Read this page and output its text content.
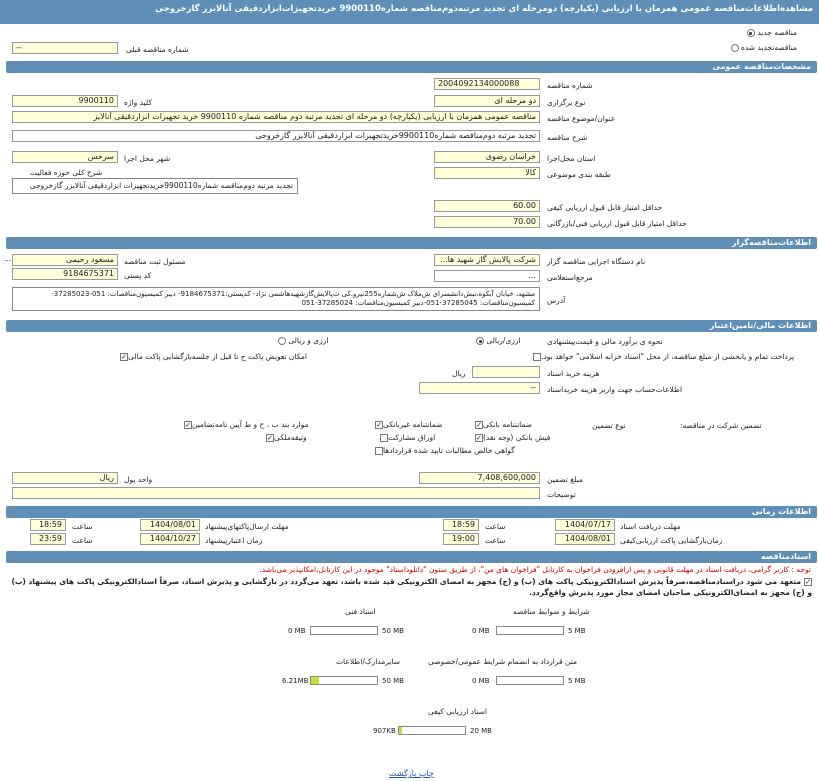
مشاهده‌اطلاعات‌مناقصه عمومی همزمان با ارزیابی (یکپارچه) دومرحله ای تجدید مرتبه‌دوم‌مناقصه شماره9900110 خریدتجهیزات‌ابزاردقیقی آنالایزر گاز‌خروجی
مناقصه جدید
مناقصه‌تجدید شده
شماره مناقصه قبلی
--
مشخصات‌مناقصه عمومی
2004092134000088	شماره مناقصه
دو مرحله ای	نوع برگزاری
9900110	کلید واژه
مناقصه عمومی همزمان با ارزیابی (یکپارچه) دو مرحله ای تجدید مرتبه دوم مناقصه شماره 9900110 خرید تجهیزات ابزاردقیقی آنالایز	عنوان/موضوع مناقصه
تجدید مرتبه دوم‌مناقصه شماره9900110خریدتجهیزات ابزاردقیقی آنالایزر گازخروجی	شرح مناقصه
خراسان رضوی	استان محل‌اجرا
سرخس	شهر محل اجرا
کالا	طبقه بندی موضوعی
شرح کلی حوزه فعالیت
تجدید مرتبه دوم‌مناقصه شماره9900110خریدتجهیزات ابزاردقیقی آنالایزر گازخروجی
60.00	حداقل امتیاز قابل قبول ارزیابی کیفی
70.00	حداقل امتیاز قابل قبول ارزیابی فنی/بازرگانی
اطلاعات‌مناقصه‌گزار
شرکت پالایش گاز شهید ها...	نام دستگاه اجرایی مناقصه گزار
مسعود رحیمی	مسئول ثبت مناقصه
...
...	مرجع‌استعلامی
9184675371	کد پستی
مشهد، خیابان آبکوه،نبش‌دانشسرای ش‌ملاک ش‌شماره255نیرو.کی ت‌پالایش‌گازشهیدهاشمی نژاد- کدپستی:9184675371- دبیر کمیسیون‌مناقصات: 051-37285023-کمیسیون‌مناقصات: 37285045-051-دبیر کمیسیون‌مناقصات: 37285024-051	آدرس
اطلاعات مالی/تامین‌اعتبار
نحوه ی برآورد مالی و قیمت‌پیشنهادی
ارزی/ریالی
ارزی و ریالی
پرداخت تمام و یابخشی از مبلغ مناقصه، از محل "اسناد خزانه اسلامی" خواهد بود.
امکان تعویض پاکت ج تا قبل از جلسه‌بازگشایی پاکت مالی✓
هزینه خرید اسناد
ریال
اطلاعات‌حساب جهت واریز هزینه خریداسناد
--
تضمین شرکت در مناقصه:
نوع تضمین
ضمانتنامه بانکی✓
ضمانتنامه غیربانکی✓
موارد بند ب ، ح و ط آیین نامه‌تضامین✓
فیش بانکی (وجه نقد)✓
اوراق مشارکت
وثیقه‌ملکی✓
گواهی خالص مطالبات تایید شده قراردادها
7,408,600,000	مبلغ تضمین
ریال	واحد پول
توضیحات
اطلاعات زمانی
1404/07/17	مهلت دریافت اسناد
18:59	ساعت
1404/08/01	مهلت ارسال‌پاکتهای‌پیشنهاد
18:59	ساعت
1404/08/01	زمان‌بازگشایی پاکت ارزیابی‌کیفی
19:00	ساعت
1404/10/27	زمان اعتبارپیشنهاد
23:59	ساعت
اسنادمناقصه
توجه : کاربر گرامی، دریافت اسناد در مهلت قانونی و پس ازافزودن فراخوان به کارتابل "فراخوان های من"، از طریق ستون "دانلوداسناد" موجود در این کارتابل،امکانپذیر می‌باشد.
✓متعهد می شود دراسنادمناقصه،صرفاً پذیرش اسنادالکترونیکی پاکت های (ب) و (ج) مجهز به امضای الکترونیکی قید شده باشد، تعهد می‌گردد در بازگشایی و پذیرش اسناد، صرفاً اسنادالکترونیکی پاکت های پیشنهاد (ب) و (ج) مجهز به امضای‌الکترونیکی صاحبان امضای مجاز مورد پذیرش واقع‌گردد.
شرایط و ضوابط مناقصه
0 MB	5 MB
اسناد فنی
0 MB	50 MB
متن قرارداد به انضمام شرایط عمومی/خصوصی
0 MB	5 MB
سایرمدارک/اطلاعات
6.21MB	50 MB
اسناد ارزیابی کیفی
907KB	20 MB
چاپ بازگشت
